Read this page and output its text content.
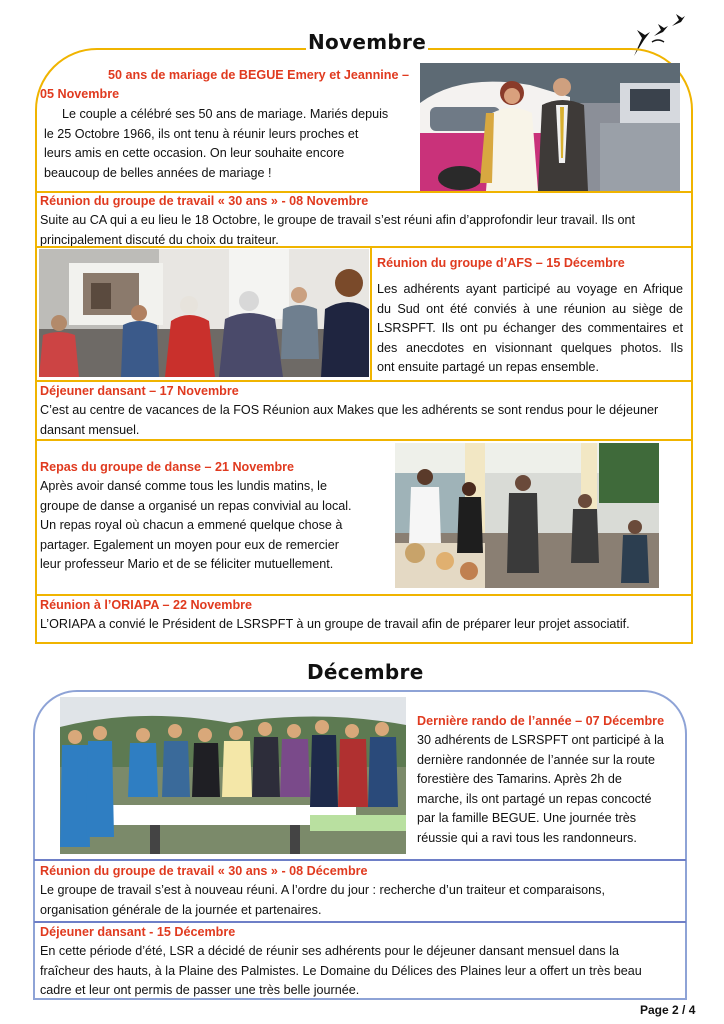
Novembre
50 ans de mariage de BEGUE Emery et Jeannine –
05 Novembre
Le couple a célébré ses 50 ans de mariage. Mariés depuis
le 25 Octobre 1966, ils ont tenu à réunir leurs proches et
leurs amis en cette occasion. On leur souhaite encore
beaucoup de belles années de mariage !
Réunion du groupe de travail « 30 ans » - 08 Novembre
Suite au CA qui a eu lieu le 18 Octobre, le groupe de travail s’est réuni afin d’approfondir leur travail. Ils ont
principalement discuté du choix du traiteur.
Réunion du groupe d’AFS – 15 Décembre
Les adhérents ayant participé au voyage en Afrique
du Sud ont été conviés à une réunion au siège de
LSRSPFT. Ils ont pu échanger des commentaires et
des anecdotes en visionnant quelques photos. Ils
ont ensuite partagé un repas ensemble.
Déjeuner dansant – 17 Novembre
C’est au centre de vacances de la FOS Réunion aux Makes que les adhérents se sont rendus pour le déjeuner
dansant mensuel.
Repas du groupe de danse – 21 Novembre
Après avoir dansé comme tous les lundis matins, le
groupe de danse a organisé un repas convivial au local.
Un repas royal où chacun a emmené quelque chose à
partager. Egalement un moyen pour eux de remercier
leur professeur Mario et de se féliciter mutuellement.
Réunion à l’ORIAPA – 22 Novembre
L’ORIAPA a convié le Président de LSRSPFT à un groupe de travail afin de préparer leur projet associatif.
Décembre
Dernière rando de l’année – 07 Décembre
30 adhérents de LSRSPFT ont participé à la
dernière randonnée de l’année sur la route
forestière des Tamarins. Après 2h de
marche, ils ont partagé un repas concocté
par la famille BEGUE. Une journée très
réussie qui a ravi tous les randonneurs.
Réunion du groupe de travail « 30 ans » - 08 Décembre
Le groupe de travail s’est à nouveau réuni. A l’ordre du jour : recherche d’un traiteur et comparaisons,
organisation générale de la journée et partenaires.
Déjeuner dansant - 15 Décembre
En cette période d’été, LSR a décidé de réunir ses adhérents pour le déjeuner dansant mensuel dans la
fraîcheur des hauts, à la Plaine des Palmistes. Le Domaine du Délices des Plaines leur a offert un très beau
cadre et leur ont permis de passer une très belle journée.
Page 2 / 4
